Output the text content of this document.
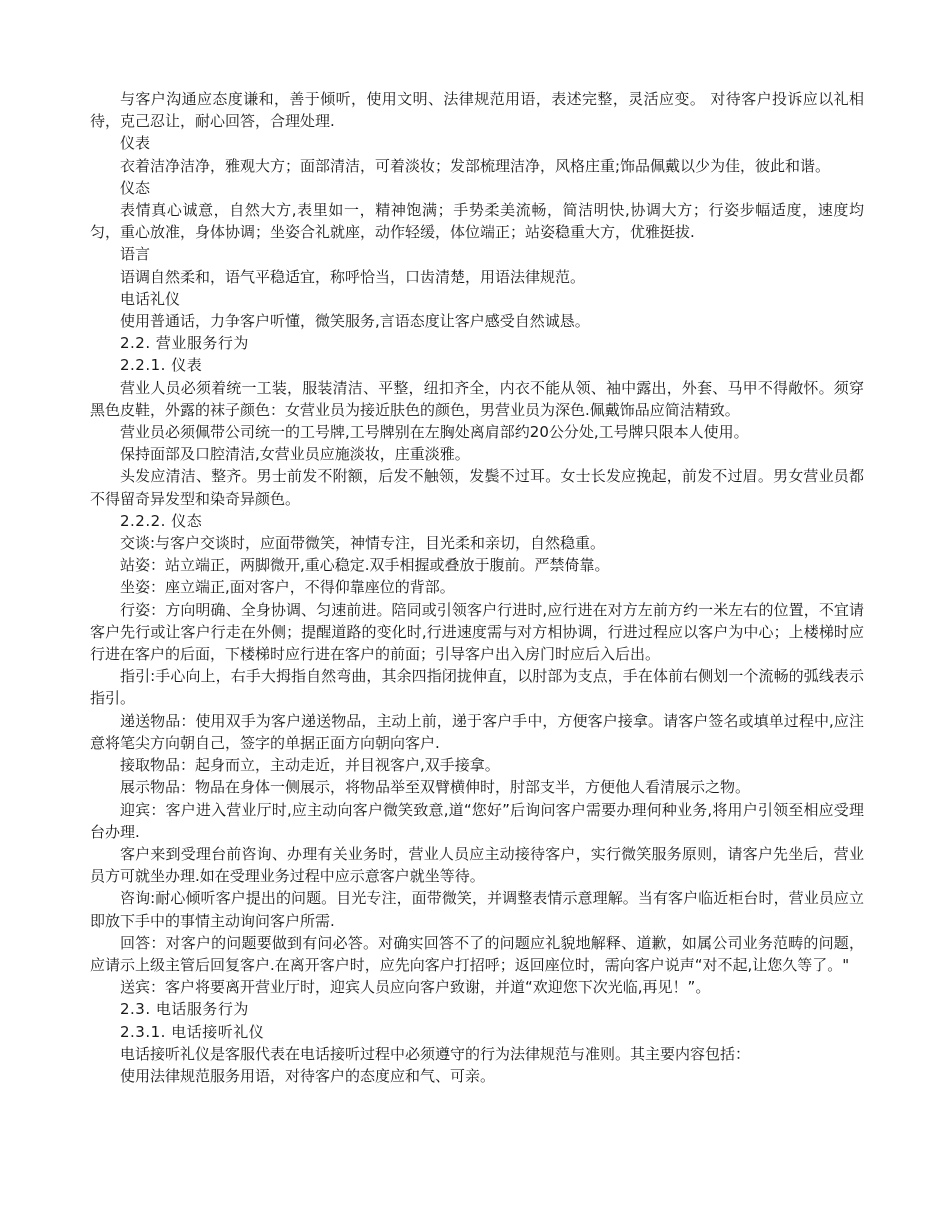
与客户沟通应态度谦和，善于倾听，使用文明、法律规范用语，表述完整，灵活应变。 对待客户投诉应以礼相待，克己忍让，耐心回答，合理处理.

仪表

衣着洁净洁净，雅观大方；面部清洁，可着淡妆；发部梳理洁净，风格庄重;饰品佩戴以少为佳，彼此和谐。

仪态

表情真心诚意，自然大方,表里如一，精神饱满；手势柔美流畅，简洁明快,协调大方；行姿步幅适度，速度均匀，重心放准，身体协调；坐姿合礼就座，动作轻缓，体位端正；站姿稳重大方，优雅挺拔.

语言

语调自然柔和，语气平稳适宜，称呼恰当，口齿清楚，用语法律规范。

电话礼仪

使用普通话，力争客户听懂，微笑服务,言语态度让客户感受自然诚恳。

2.2. 营业服务行为

2.2.1. 仪表

营业人员必须着统一工装，服装清洁、平整，纽扣齐全，内衣不能从领、袖中露出，外套、马甲不得敞怀。须穿黑色皮鞋，外露的袜子颜色：女营业员为接近肤色的颜色，男营业员为深色.佩戴饰品应简洁精致。

营业员必须佩带公司统一的工号牌,工号牌别在左胸处离肩部约20公分处,工号牌只限本人使用。

保持面部及口腔清洁,女营业员应施淡妆，庄重淡雅。

头发应清洁、整齐。男士前发不附额，后发不触领，发鬓不过耳。女士长发应挽起，前发不过眉。男女营业员都不得留奇异发型和染奇异颜色。

2.2.2. 仪态

交谈:与客户交谈时，应面带微笑，神情专注，目光柔和亲切，自然稳重。

站姿：站立端正，两脚微开,重心稳定.双手相握或叠放于腹前。严禁倚靠。

坐姿：座立端正,面对客户，不得仰靠座位的背部。

行姿：方向明确、全身协调、匀速前进。陪同或引领客户行进时,应行进在对方左前方约一米左右的位置，不宜请客户先行或让客户行走在外侧；提醒道路的变化时,行进速度需与对方相协调，行进过程应以客户为中心；上楼梯时应行进在客户的后面，下楼梯时应行进在客户的前面；引导客户出入房门时应后入后出。

指引:手心向上，右手大拇指自然弯曲，其余四指闭拢伸直，以肘部为支点，手在体前右侧划一个流畅的弧线表示指引。

递送物品：使用双手为客户递送物品，主动上前，递于客户手中，方便客户接拿。请客户签名或填单过程中,应注意将笔尖方向朝自己，签字的单据正面方向朝向客户.

接取物品：起身而立，主动走近，并目视客户,双手接拿。

展示物品：物品在身体一侧展示，将物品举至双臂横伸时，肘部支半，方便他人看清展示之物。

迎宾：客户进入营业厅时,应主动向客户微笑致意,道“您好”后询问客户需要办理何种业务,将用户引领至相应受理台办理.

客户来到受理台前咨询、办理有关业务时，营业人员应主动接待客户，实行微笑服务原则，请客户先坐后，营业员方可就坐办理.如在受理业务过程中应示意客户就坐等待。

咨询:耐心倾听客户提出的问题。目光专注，面带微笑，并调整表情示意理解。当有客户临近柜台时，营业员应立即放下手中的事情主动询问客户所需.

回答：对客户的问题要做到有问必答。对确实回答不了的问题应礼貌地解释、道歉，如属公司业务范畴的问题，应请示上级主管后回复客户.在离开客户时，应先向客户打招呼；返回座位时，需向客户说声“对不起,让您久等了。"

送宾：客户将要离开营业厅时，迎宾人员应向客户致谢，并道“欢迎您下次光临,再见！”。

2.3. 电话服务行为

2.3.1. 电话接听礼仪

电话接听礼仪是客服代表在电话接听过程中必须遵守的行为法律规范与准则。其主要内容包括：

使用法律规范服务用语，对待客户的态度应和气、可亲。
